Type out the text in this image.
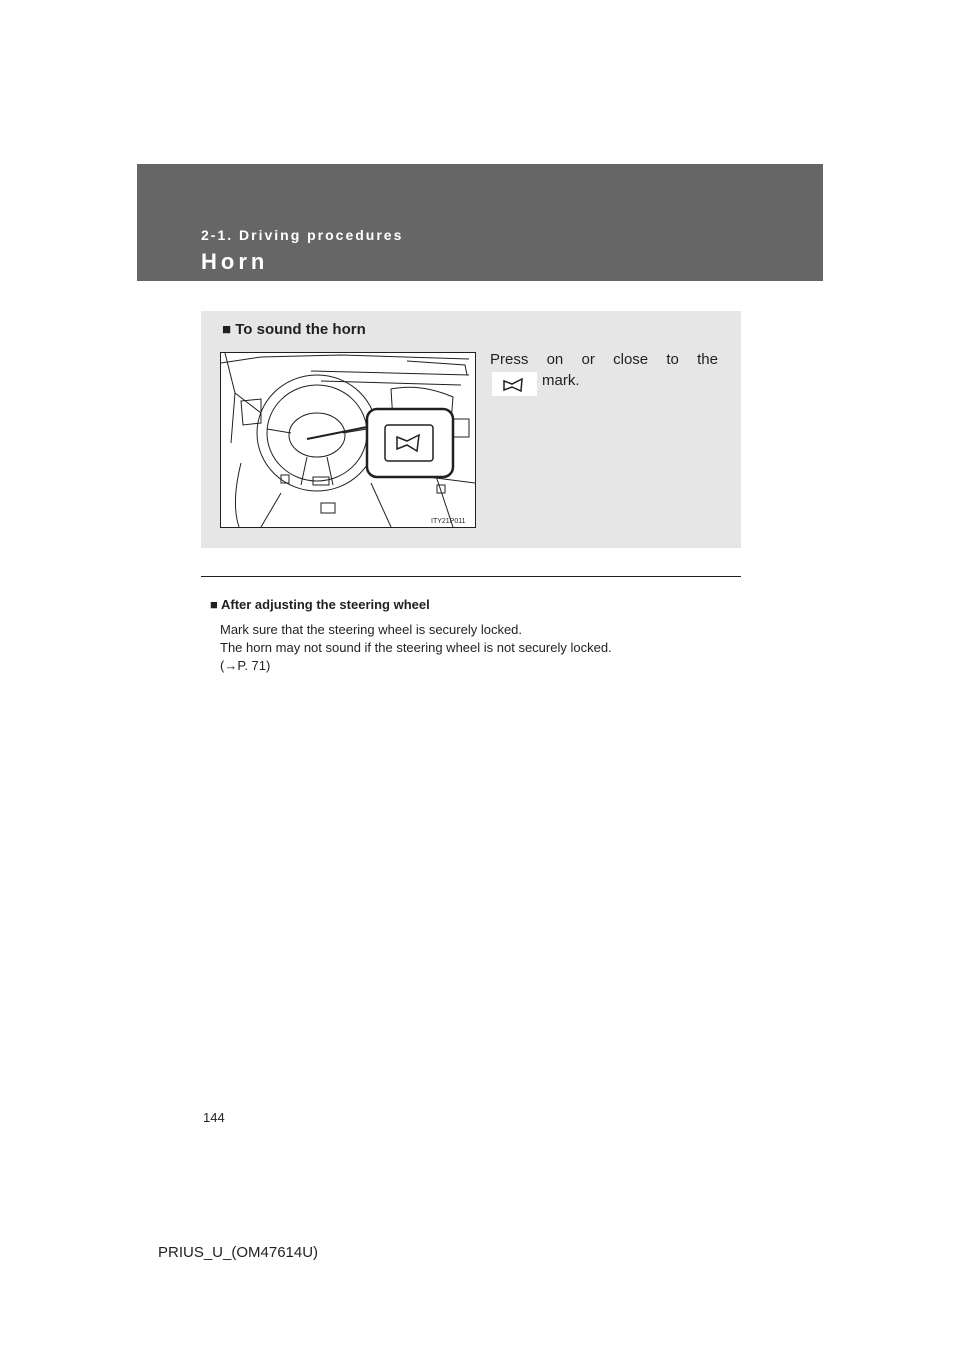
2-1. Driving procedures
Horn
■ To sound the horn
ITY21P011
Press on or close to the
mark.
■ After adjusting the steering wheel
Mark sure that the steering wheel is securely locked.
The horn may not sound if the steering wheel is not securely locked.
(→P. 71)
144
PRIUS_U_(OM47614U)
